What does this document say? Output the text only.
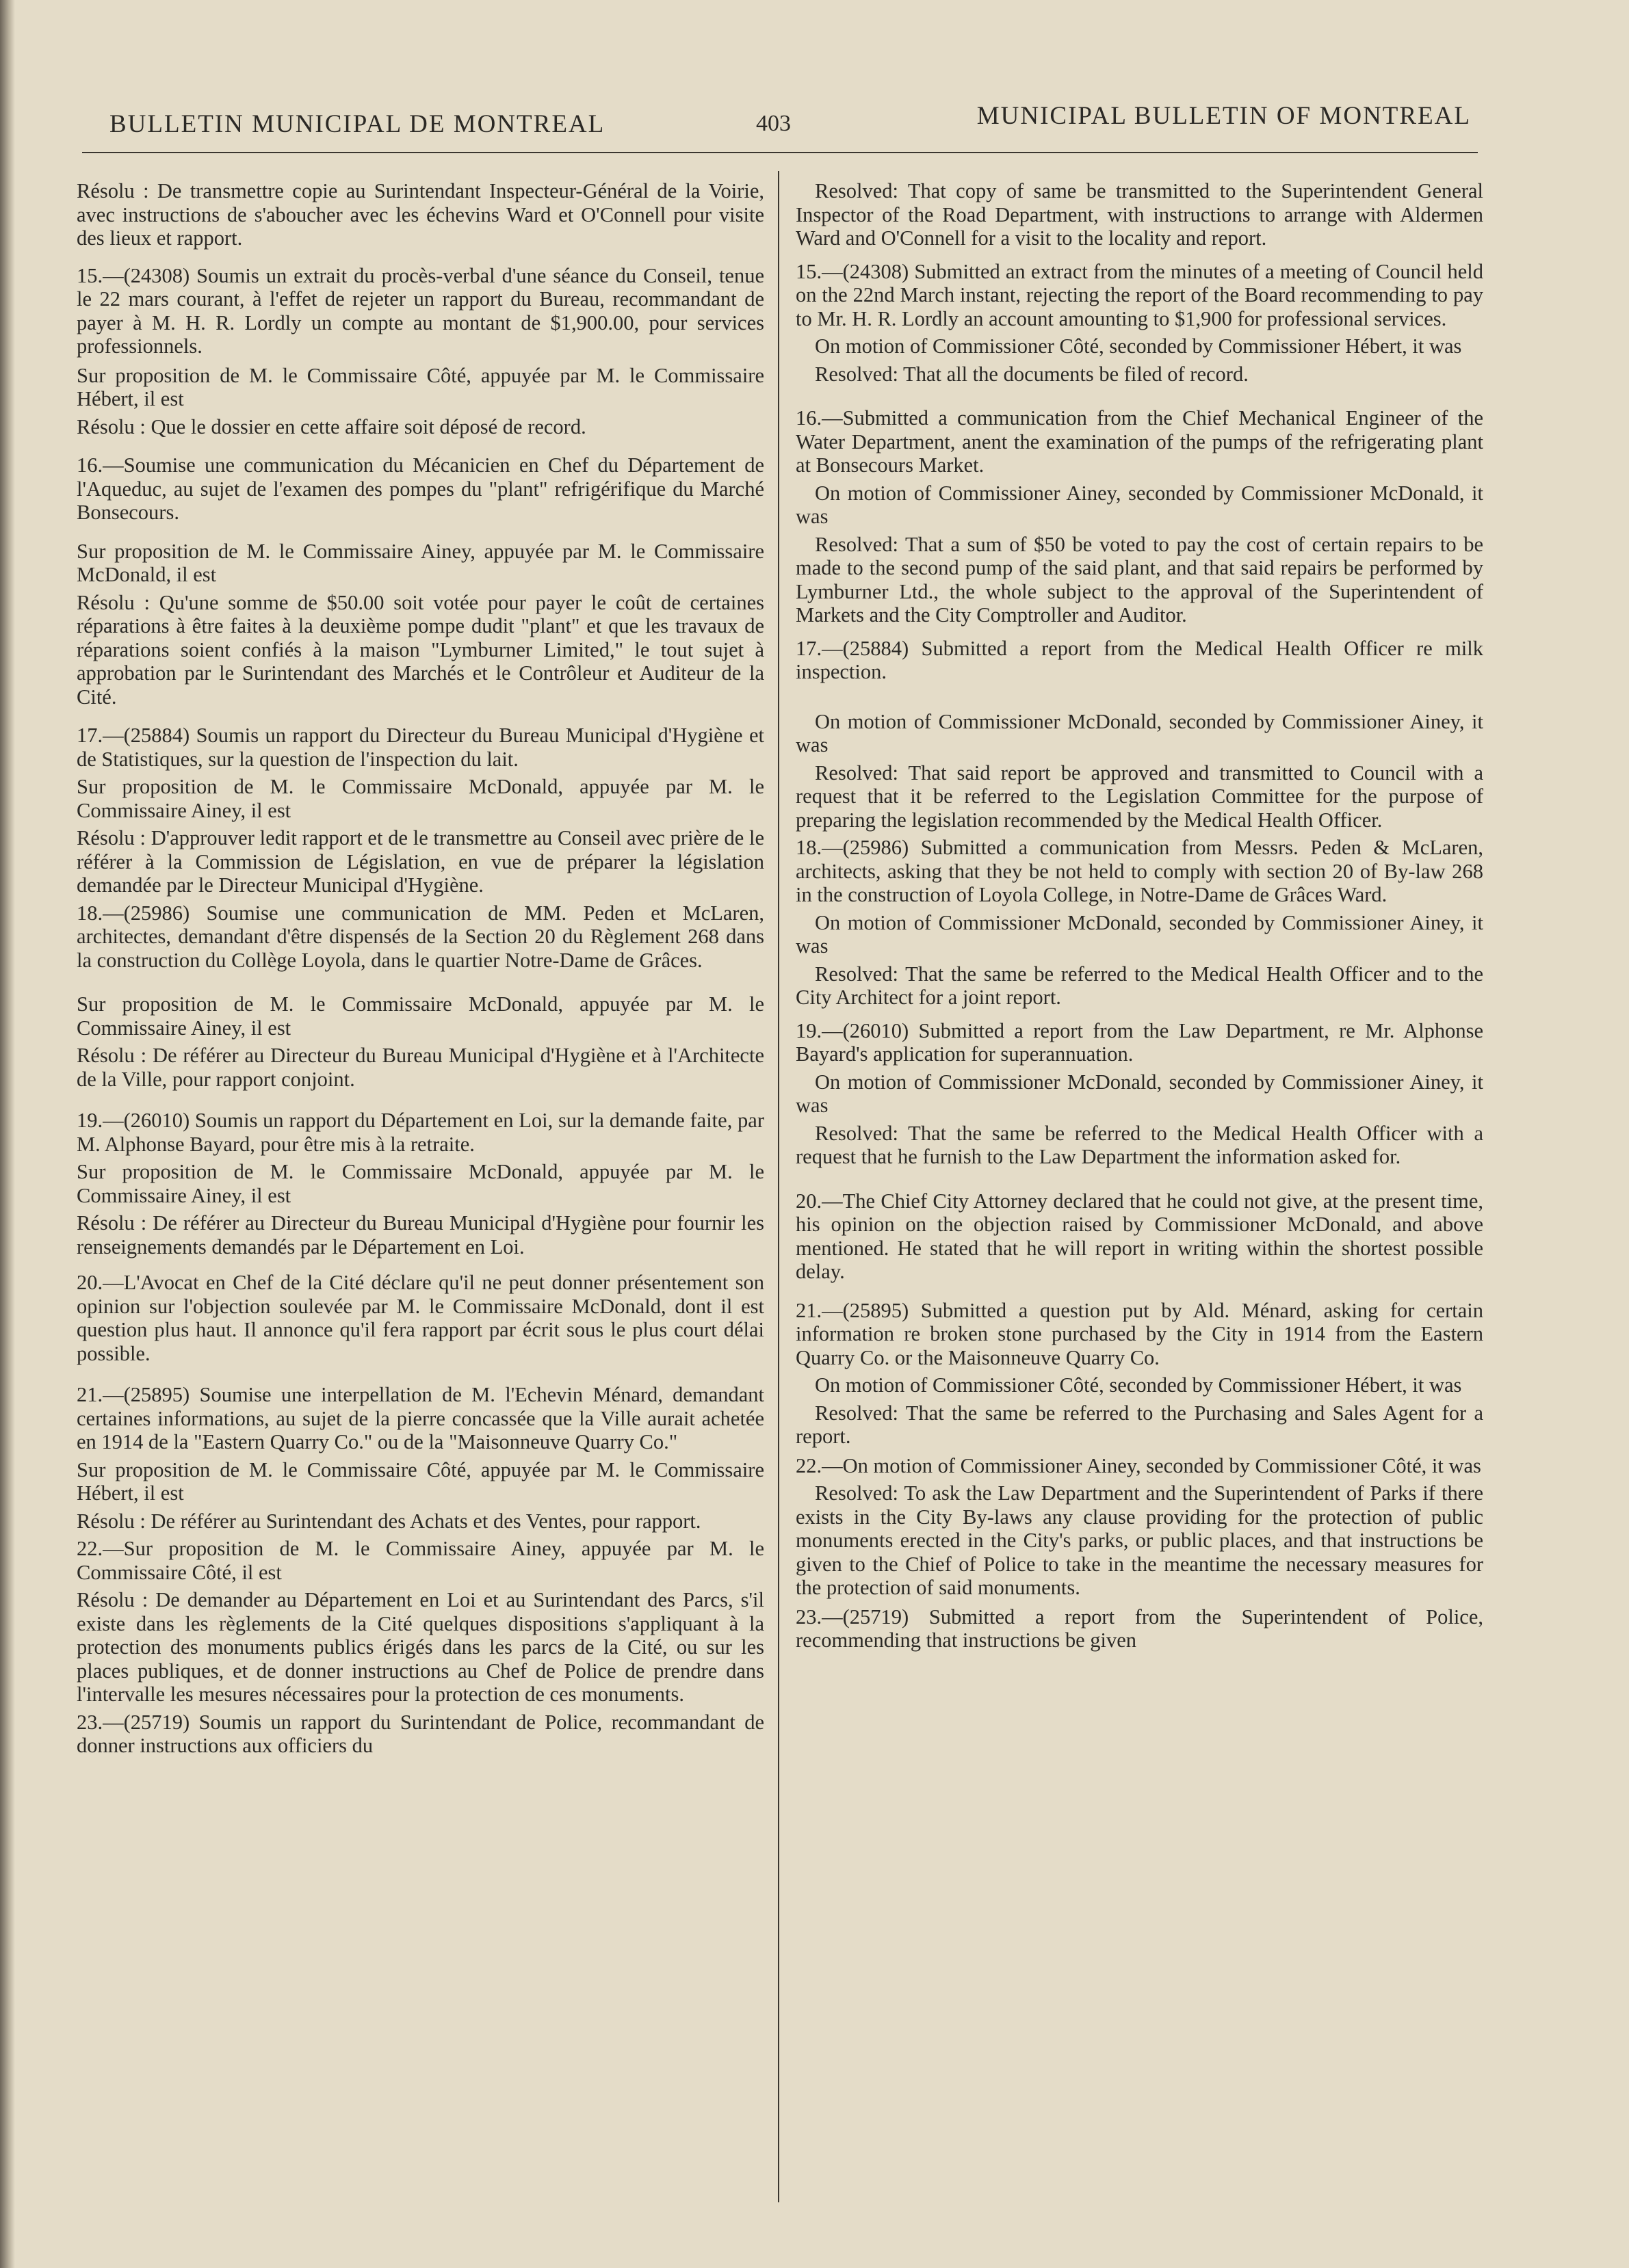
BULLETIN MUNICIPAL DE MONTREAL	403	MUNICIPAL BULLETIN OF MONTREAL

Résolu : De transmettre copie au Surintendant Inspecteur-Général de la Voirie, avec instructions de s'aboucher avec les échevins Ward et O'Connell pour visite des lieux et rapport.

15.—(24308) Soumis un extrait du procès-verbal d'une séance du Conseil, tenue le 22 mars courant, à l'effet de rejeter un rapport du Bureau, recommandant de payer à M. H. R. Lordly un compte au montant de $1,900.00, pour services professionnels.

Sur proposition de M. le Commissaire Côté, appuyée par M. le Commissaire Hébert, il est

Résolu : Que le dossier en cette affaire soit déposé de record.

16.—Soumise une communication du Mécanicien en Chef du Département de l'Aqueduc, au sujet de l'examen des pompes du "plant" refrigérifique du Marché Bonsecours.

Sur proposition de M. le Commissaire Ainey, appuyée par M. le Commissaire McDonald, il est

Résolu : Qu'une somme de $50.00 soit votée pour payer le coût de certaines réparations à être faites à la deuxième pompe dudit "plant" et que les travaux de réparations soient confiés à la maison "Lymburner Limited," le tout sujet à approbation par le Surintendant des Marchés et le Contrôleur et Auditeur de la Cité.

17.—(25884) Soumis un rapport du Directeur du Bureau Municipal d'Hygiène et de Statistiques, sur la question de l'inspection du lait.

Sur proposition de M. le Commissaire McDonald, appuyée par M. le Commissaire Ainey, il est

Résolu : D'approuver ledit rapport et de le transmettre au Conseil avec prière de le référer à la Commission de Législation, en vue de préparer la législation demandée par le Directeur Municipal d'Hygiène.

18.—(25986) Soumise une communication de MM. Peden et McLaren, architectes, demandant d'être dispensés de la Section 20 du Règlement 268 dans la construction du Collège Loyola, dans le quartier Notre-Dame de Grâces.

Sur proposition de M. le Commissaire McDonald, appuyée par M. le Commissaire Ainey, il est

Résolu : De référer au Directeur du Bureau Municipal d'Hygiène et à l'Architecte de la Ville, pour rapport conjoint.

19.—(26010) Soumis un rapport du Département en Loi, sur la demande faite, par M. Alphonse Bayard, pour être mis à la retraite.

Sur proposition de M. le Commissaire McDonald, appuyée par M. le Commissaire Ainey, il est

Résolu : De référer au Directeur du Bureau Municipal d'Hygiène pour fournir les renseignements demandés par le Département en Loi.

20.—L'Avocat en Chef de la Cité déclare qu'il ne peut donner présentement son opinion sur l'objection soulevée par M. le Commissaire McDonald, dont il est question plus haut. Il annonce qu'il fera rapport par écrit sous le plus court délai possible.

21.—(25895) Soumise une interpellation de M. l'Echevin Ménard, demandant certaines informations, au sujet de la pierre concassée que la Ville aurait achetée en 1914 de la "Eastern Quarry Co." ou de la "Maisonneuve Quarry Co."

Sur proposition de M. le Commissaire Côté, appuyée par M. le Commissaire Hébert, il est

Résolu : De référer au Surintendant des Achats et des Ventes, pour rapport.

22.—Sur proposition de M. le Commissaire Ainey, appuyée par M. le Commissaire Côté, il est

Résolu : De demander au Département en Loi et au Surintendant des Parcs, s'il existe dans les règlements de la Cité quelques dispositions s'appliquant à la protection des monuments publics érigés dans les parcs de la Cité, ou sur les places publiques, et de donner instructions au Chef de Police de prendre dans l'intervalle les mesures nécessaires pour la protection de ces monuments.

23.—(25719) Soumis un rapport du Surintendant de Police, recommandant de donner instructions aux officiers du

Resolved: That copy of same be transmitted to the Superintendent General Inspector of the Road Department, with instructions to arrange with Aldermen Ward and O'Connell for a visit to the locality and report.

15.—(24308) Submitted an extract from the minutes of a meeting of Council held on the 22nd March instant, rejecting the report of the Board recommending to pay to Mr. H. R. Lordly an account amounting to $1,900 for professional services.

On motion of Commissioner Côté, seconded by Commissioner Hébert, it was

Resolved: That all the documents be filed of record.

16.—Submitted a communication from the Chief Mechanical Engineer of the Water Department, anent the examination of the pumps of the refrigerating plant at Bonsecours Market.

On motion of Commissioner Ainey, seconded by Commissioner McDonald, it was

Resolved: That a sum of $50 be voted to pay the cost of certain repairs to be made to the second pump of the said plant, and that said repairs be performed by Lymburner Ltd., the whole subject to the approval of the Superintendent of Markets and the City Comptroller and Auditor.

17.—(25884) Submitted a report from the Medical Health Officer re milk inspection.

On motion of Commissioner McDonald, seconded by Commissioner Ainey, it was

Resolved: That said report be approved and transmitted to Council with a request that it be referred to the Legislation Committee for the purpose of preparing the legislation recommended by the Medical Health Officer.

18.—(25986) Submitted a communication from Messrs. Peden & McLaren, architects, asking that they be not held to comply with section 20 of By-law 268 in the construction of Loyola College, in Notre-Dame de Grâces Ward.

On motion of Commissioner McDonald, seconded by Commissioner Ainey, it was

Resolved: That the same be referred to the Medical Health Officer and to the City Architect for a joint report.

19.—(26010) Submitted a report from the Law Department, re Mr. Alphonse Bayard's application for superannuation.

On motion of Commissioner McDonald, seconded by Commissioner Ainey, it was

Resolved: That the same be referred to the Medical Health Officer with a request that he furnish to the Law Department the information asked for.

20.—The Chief City Attorney declared that he could not give, at the present time, his opinion on the objection raised by Commissioner McDonald, and above mentioned. He stated that he will report in writing within the shortest possible delay.

21.—(25895) Submitted a question put by Ald. Ménard, asking for certain information re broken stone purchased by the City in 1914 from the Eastern Quarry Co. or the Maisonneuve Quarry Co.

On motion of Commissioner Côté, seconded by Commissioner Hébert, it was

Resolved: That the same be referred to the Purchasing and Sales Agent for a report.

22.—On motion of Commissioner Ainey, seconded by Commissioner Côté, it was

Resolved: To ask the Law Department and the Superintendent of Parks if there exists in the City By-laws any clause providing for the protection of public monuments erected in the City's parks, or public places, and that instructions be given to the Chief of Police to take in the meantime the necessary measures for the protection of said monuments.

23.—(25719) Submitted a report from the Superintendent of Police, recommending that instructions be given
